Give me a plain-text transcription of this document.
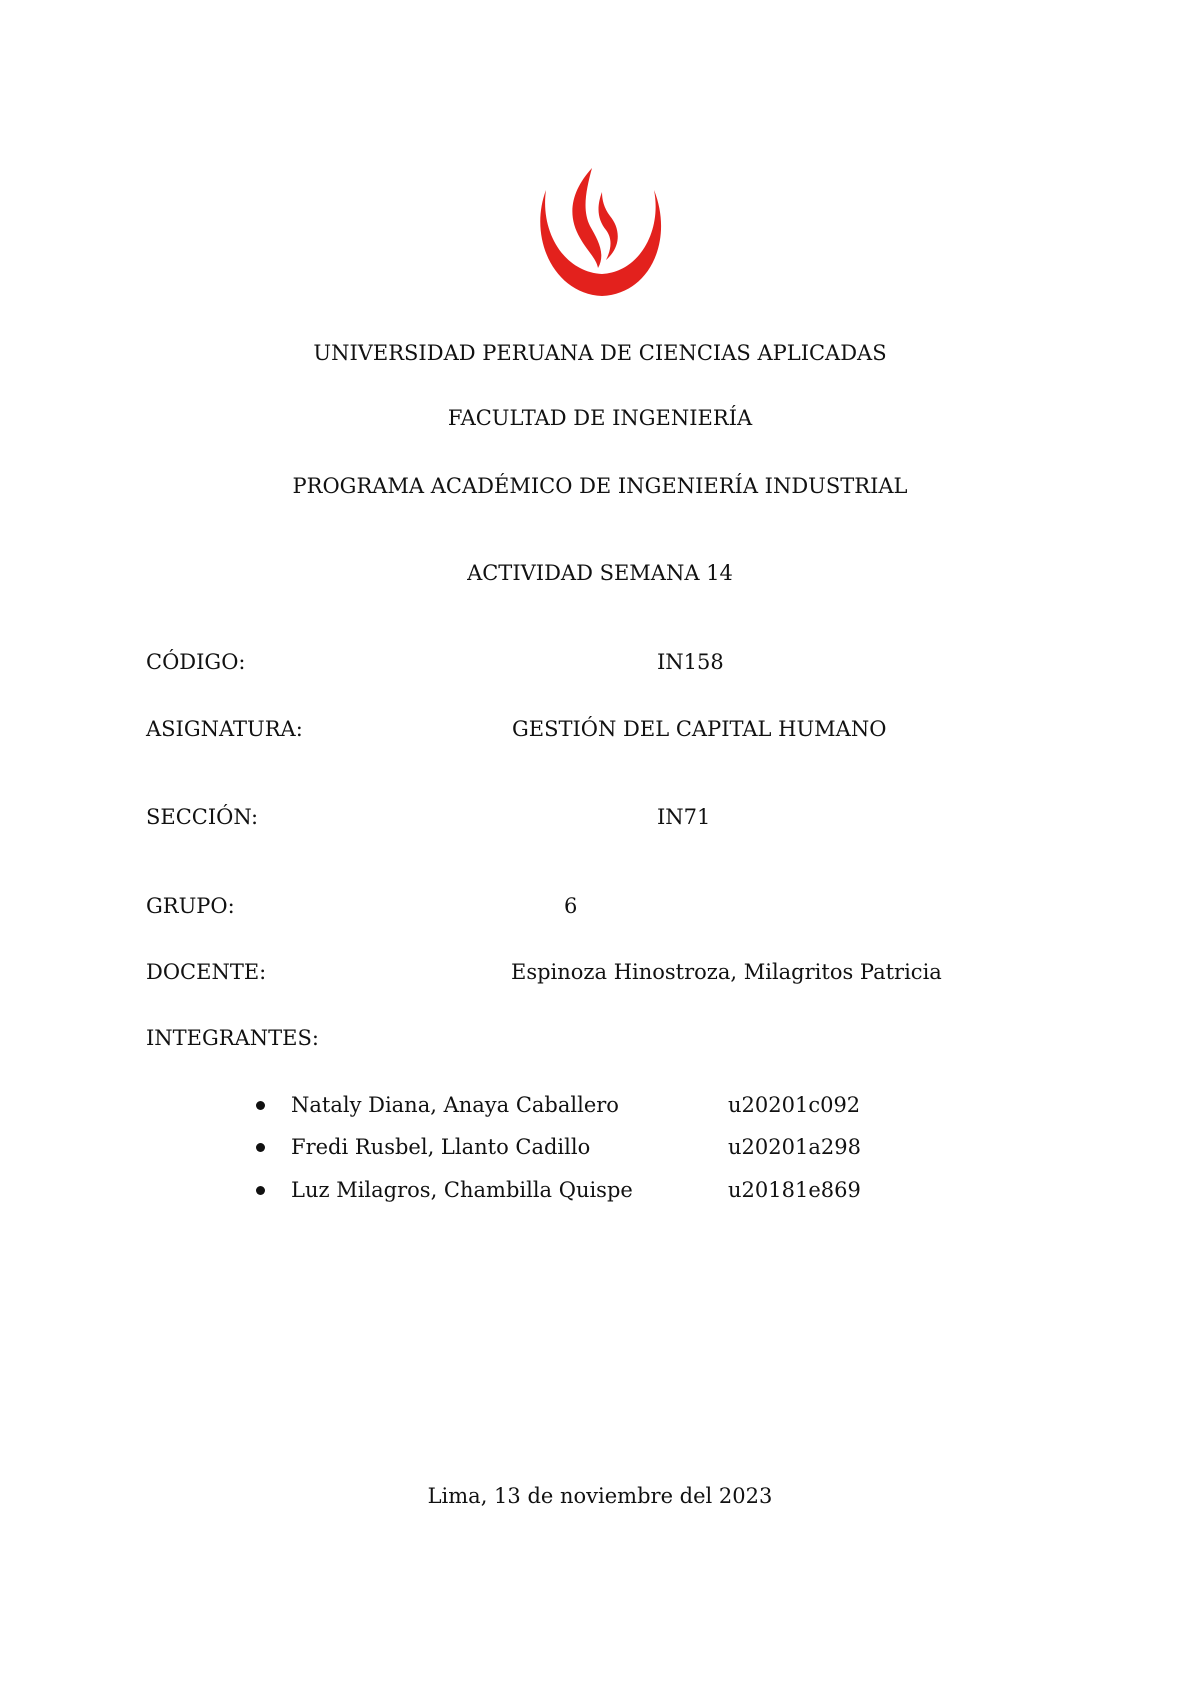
UNIVERSIDAD PERUANA DE CIENCIAS APLICADAS
FACULTAD DE INGENIERÍA
PROGRAMA ACADÉMICO DE INGENIERÍA INDUSTRIAL
ACTIVIDAD SEMANA 14
CÓDIGO:	IN158
ASIGNATURA:	GESTIÓN DEL CAPITAL HUMANO
SECCIÓN:	IN71
GRUPO:	6
DOCENTE:	Espinoza Hinostroza, Milagritos Patricia
INTEGRANTES:
Nataly Diana, Anaya Caballero	u20201c092
Fredi Rusbel, Llanto Cadillo	u20201a298
Luz Milagros, Chambilla Quispe	u20181e869
Lima, 13 de noviembre del 2023
